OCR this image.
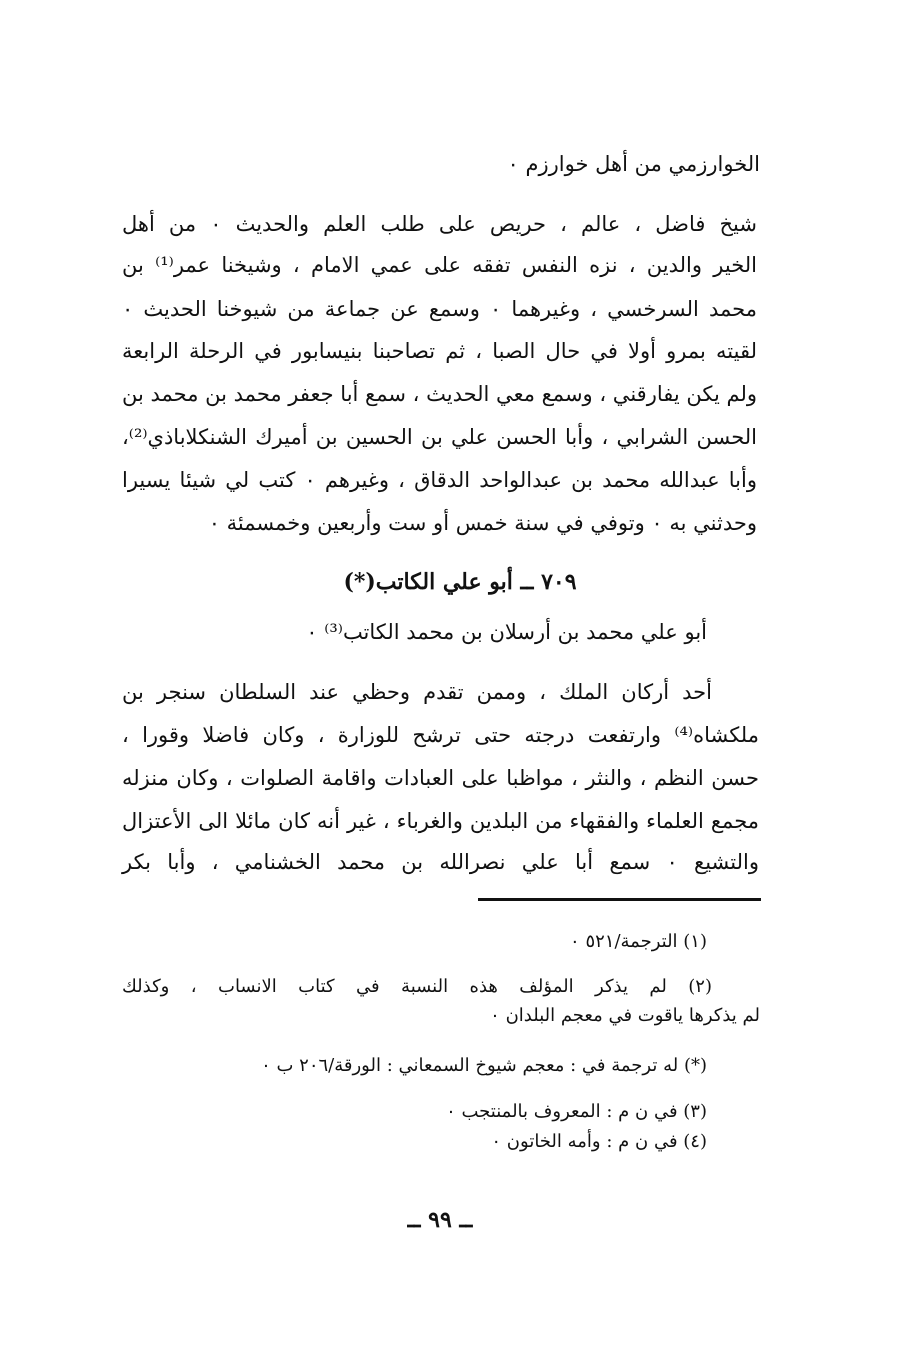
الخوارزمي من أهل خوارزم ٠
شيخ فاضل ، عالم ، حريص على طلب العلم والحديث ٠ من أهل
الخير والدين ، نزه النفس تفقه على عمي الامام ، وشيخنا عمر⁽¹⁾ بن
محمد السرخسي ، وغيرهما ٠ وسمع عن جماعة من شيوخنا الحديث ٠
لقيته بمرو أولا في حال الصبا ، ثم تصاحبنا بنيسابور في الرحلة الرابعة
ولم يكن يفارقني ، وسمع معي الحديث ، سمع أبا جعفر محمد بن محمد بن
الحسن الشرابي ، وأبا الحسن علي بن الحسين بن أميرك الشنكلاباذي⁽²⁾،
وأبا عبدالله محمد بن عبدالواحد الدقاق ، وغيرهم ٠ كتب لي شيئا يسيرا
وحدثني به ٠ وتوفي في سنة خمس أو ست وأربعين وخمسمئة ٠
٧٠٩ ــ أبو علي الكاتب(*)
أبو علي محمد بن أرسلان بن محمد الكاتب⁽³⁾ ٠
أحد أركان الملك ، وممن تقدم وحظي عند السلطان سنجر بن
ملكشاه⁽⁴⁾ وارتفعت درجته حتى ترشح للوزارة ، وكان فاضلا وقورا ،
حسن النظم ، والنثر ، مواظبا على العبادات واقامة الصلوات ، وكان منزله
مجمع العلماء والفقهاء من البلدين والغرباء ، غير أنه كان مائلا الى الأعتزال
والتشيع ٠ سمع أبا علي نصرالله بن محمد الخشنامي ، وأبا بكر
(١) الترجمة/٥٢١ ٠
(٢) لم يذكر المؤلف هذه النسبة في كتاب الانساب ، وكذلك
لم يذكرها ياقوت في معجم البلدان ٠
(*) له ترجمة في : معجم شيوخ السمعاني : الورقة/٢٠٦ ب ٠
(٣) في ن م : المعروف بالمنتجب ٠
(٤) في ن م : وأمه الخاتون ٠
ــ ٩٩ ــ
